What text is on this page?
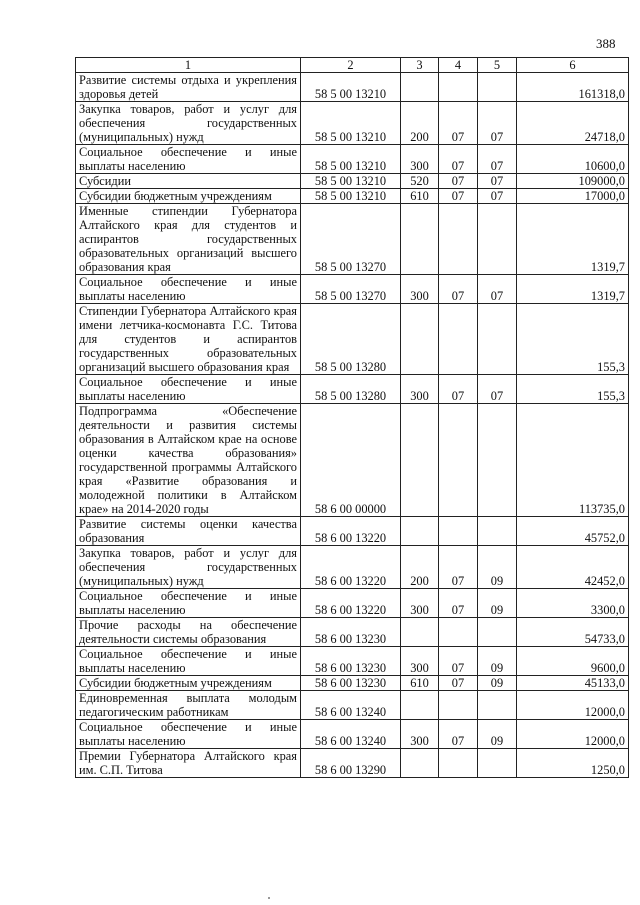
388
1	2	3	4	5	6
Развитие системы отдыха и укрепления здоровья детей	58 5 00 13210				161318,0
Закупка товаров, работ и услуг для обеспечения государственных (муниципальных) нужд	58 5 00 13210	200	07	07	24718,0
Социальное обеспечение и иные выплаты населению	58 5 00 13210	300	07	07	10600,0
Субсидии	58 5 00 13210	520	07	07	109000,0
Субсидии бюджетным учреждениям	58 5 00 13210	610	07	07	17000,0
Именные стипендии Губернатора Алтайского края для студентов и аспирантов государственных образовательных организаций высшего образования края	58 5 00 13270				1319,7
Социальное обеспечение и иные выплаты населению	58 5 00 13270	300	07	07	1319,7
Стипендии Губернатора Алтайского края имени летчика-космонавта Г.С. Титова для студентов и аспирантов государственных образовательных организаций высшего образования края	58 5 00 13280				155,3
Социальное обеспечение и иные выплаты населению	58 5 00 13280	300	07	07	155,3
Подпрограмма «Обеспечение деятельности и развития системы образования в Алтайском крае на основе оценки качества образования» государственной программы Алтайского края «Развитие образования и молодежной политики в Алтайском крае» на 2014-2020 годы	58 6 00 00000				113735,0
Развитие системы оценки качества образования	58 6 00 13220				45752,0
Закупка товаров, работ и услуг для обеспечения государственных (муниципальных) нужд	58 6 00 13220	200	07	09	42452,0
Социальное обеспечение и иные выплаты населению	58 6 00 13220	300	07	09	3300,0
Прочие расходы на обеспечение деятельности системы образования	58 6 00 13230				54733,0
Социальное обеспечение и иные выплаты населению	58 6 00 13230	300	07	09	9600,0
Субсидии бюджетным учреждениям	58 6 00 13230	610	07	09	45133,0
Единовременная выплата молодым педагогическим работникам	58 6 00 13240				12000,0
Социальное обеспечение и иные выплаты населению	58 6 00 13240	300	07	09	12000,0
Премии Губернатора Алтайского края им. С.П. Титова	58 6 00 13290				1250,0
